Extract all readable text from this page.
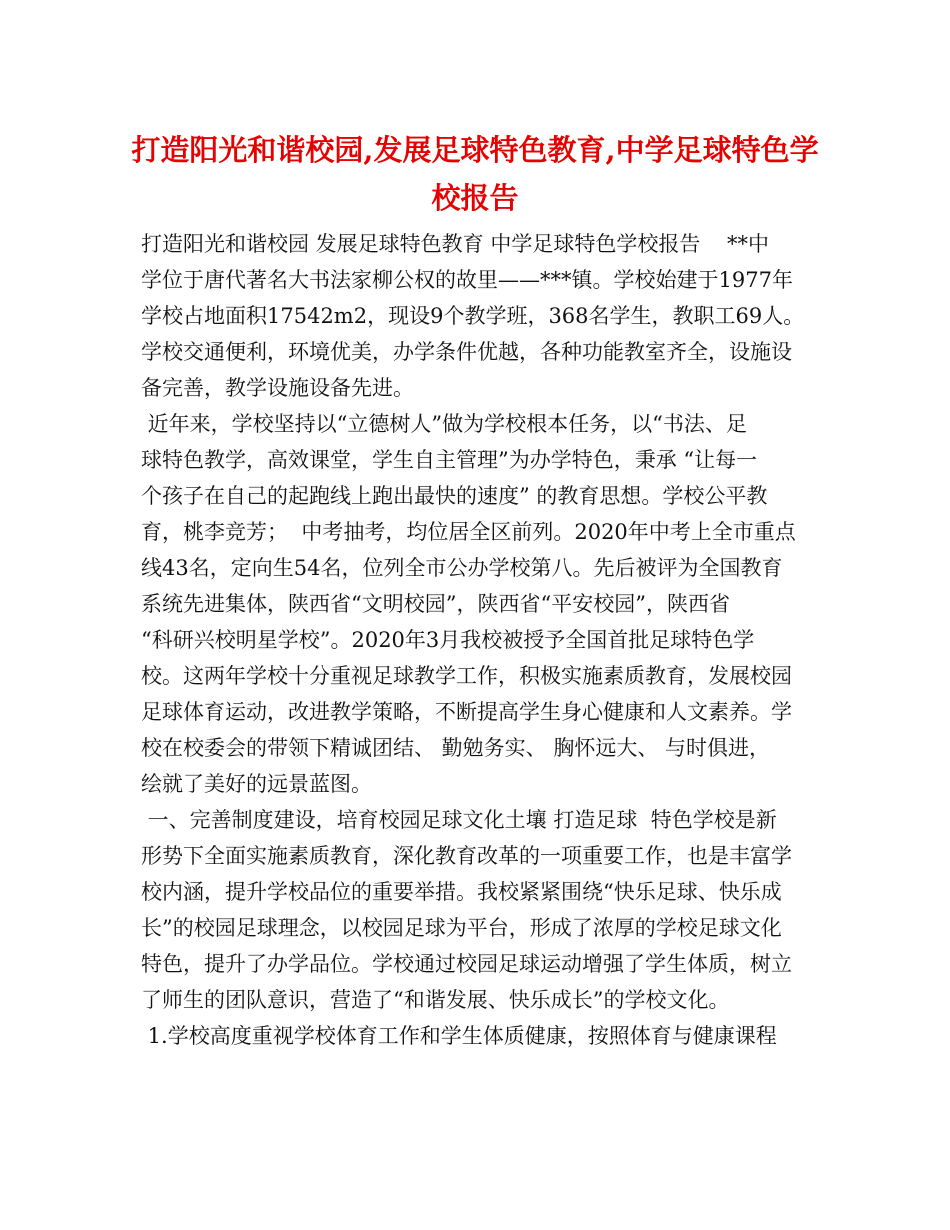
打造阳光和谐校园,发展足球特色教育,中学足球特色学
校报告
打造阳光和谐校园 发展足球特色教育 中学足球特色学校报告    **中
学位于唐代著名大书法家柳公权的故里——***镇。学校始建于1977年
学校占地面积17542m2，现设9个教学班，368名学生，教职工69人。
学校交通便利，环境优美，办学条件优越，各种功能教室齐全，设施设
备完善，教学设施设备先进。
近年来，学校坚持以“立德树人”做为学校根本任务，以“书法、足
球特色教学，高效课堂，学生自主管理”为办学特色，秉承 “让每一
个孩子在自己的起跑线上跑出最快的速度” 的教育思想。学校公平教
育，桃李竞芳；  中考抽考，均位居全区前列。2020年中考上全市重点
线43名，定向生54名，位列全市公办学校第八。先后被评为全国教育
系统先进集体，陕西省“文明校园”，陕西省“平安校园”，陕西省
“科研兴校明星学校”。2020年3月我校被授予全国首批足球特色学
校。这两年学校十分重视足球教学工作，积极实施素质教育，发展校园
足球体育运动，改进教学策略，不断提高学生身心健康和人文素养。学
校在校委会的带领下精诚团结、 勤勉务实、 胸怀远大、 与时俱进，
绘就了美好的远景蓝图。
一、完善制度建设，培育校园足球文化土壤 打造足球  特色学校是新
形势下全面实施素质教育，深化教育改革的一项重要工作，也是丰富学
校内涵，提升学校品位的重要举措。我校紧紧围绕“快乐足球、快乐成
长”的校园足球理念，以校园足球为平台，形成了浓厚的学校足球文化
特色，提升了办学品位。学校通过校园足球运动增强了学生体质，树立
了师生的团队意识，营造了“和谐发展、快乐成长”的学校文化。
1.学校高度重视学校体育工作和学生体质健康，按照体育与健康课程
